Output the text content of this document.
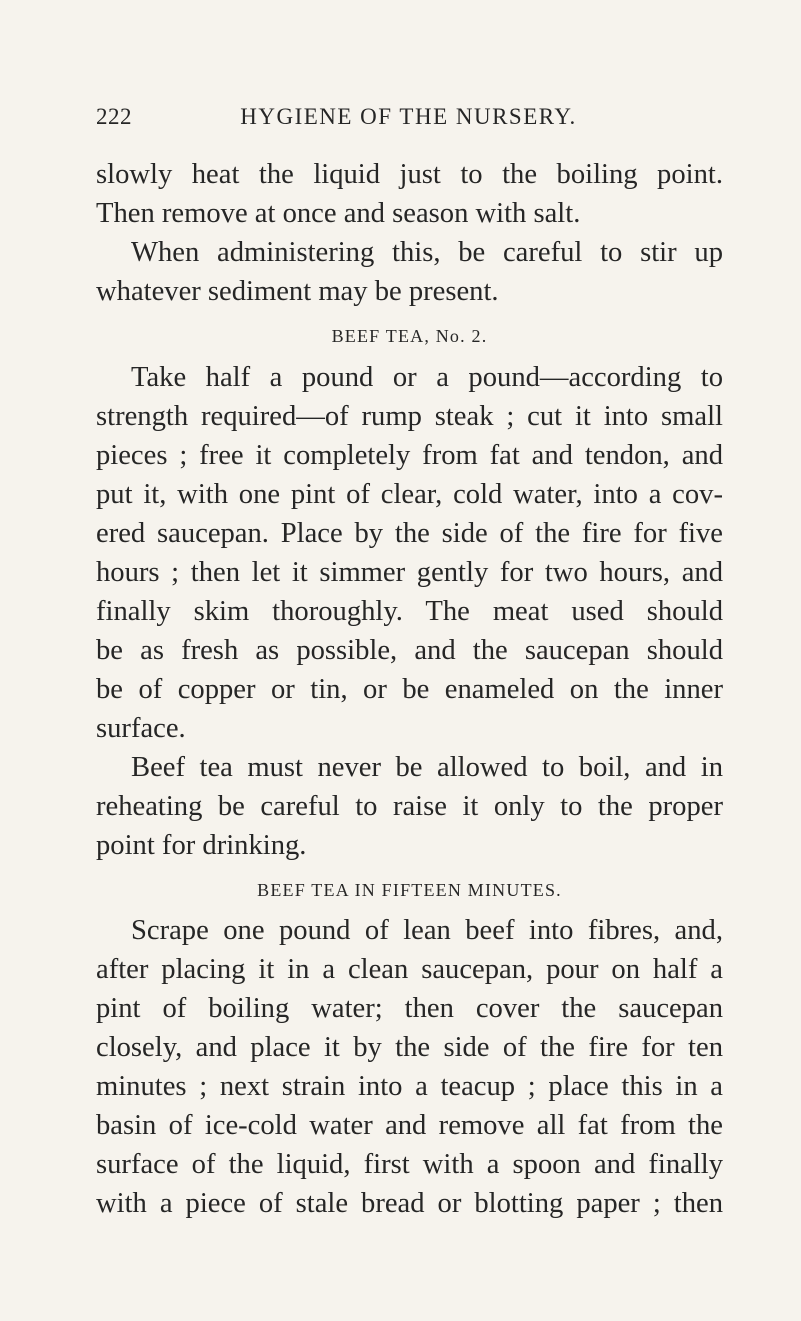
222	HYGIENE OF THE NURSERY.
slowly heat the liquid just to the boiling point.
Then remove at once and season with salt.
When administering this, be careful to stir up
whatever sediment may be present.
BEEF TEA, No. 2.
Take half a pound or a pound—according to
strength required—of rump steak ; cut it into small
pieces ; free it completely from fat and tendon, and
put it, with one pint of clear, cold water, into a cov-
ered saucepan. Place by the side of the fire for five
hours ; then let it simmer gently for two hours, and
finally skim thoroughly. The meat used should
be as fresh as possible, and the saucepan should
be of copper or tin, or be enameled on the inner
surface.
Beef tea must never be allowed to boil, and in
reheating be careful to raise it only to the proper
point for drinking.
BEEF TEA IN FIFTEEN MINUTES.
Scrape one pound of lean beef into fibres, and,
after placing it in a clean saucepan, pour on half a
pint of boiling water; then cover the saucepan
closely, and place it by the side of the fire for ten
minutes ; next strain into a teacup ; place this in a
basin of ice-cold water and remove all fat from the
surface of the liquid, first with a spoon and finally
with a piece of stale bread or blotting paper ; then
